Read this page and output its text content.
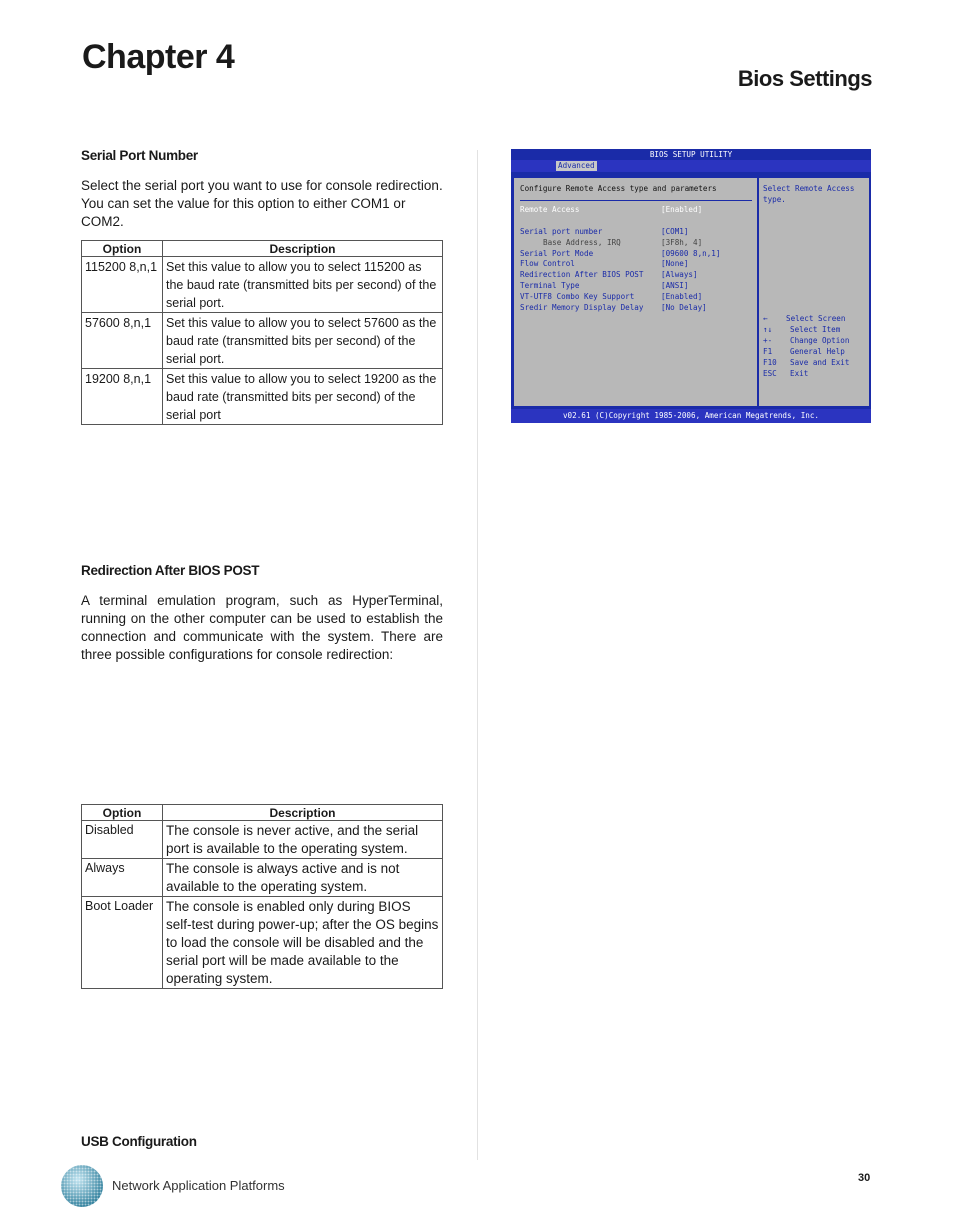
Chapter 4
Bios Settings
Serial Port Number
Select the serial port you want to use for console redirection. You can set the value for this option to either COM1 or COM2.
Option	Description
115200 8,n,1	Set this value to allow you to select 115200 as the baud rate (transmitted bits per second) of the serial port.
57600 8,n,1	Set this value to allow you to select 57600 as the baud rate (transmitted bits per second) of the serial port.
19200 8,n,1	Set this value to allow you to select 19200 as the baud rate (transmitted bits per second) of the serial port
Redirection After BIOS POST
A terminal emulation program, such as HyperTerminal, running on the other computer can be used to establish the connection and communicate with the system. There are three possible configurations for console redirection:
Option	Description
Disabled	The console is never active, and the serial port is available to the operating system.
Always	The console is always active and is not available to the operating system.
Boot Loader	The console is enabled only during BIOS self-test during power-up; after the OS begins to load the console will be disabled and the serial port will be made available to the operating system.
USB Configuration
BIOS SETUP UTILITY
Advanced
Configure Remote Access type and parameters
Remote Access	[Enabled]
Serial port number	[COM1]
Base Address, IRQ	[3F8h, 4]
Serial Port Mode	[09600 8,n,1]
Flow Control	[None]
Redirection After BIOS POST [Always]
Terminal Type	[ANSI]
VT-UTF8 Combo Key Support	[Enabled]
Sredir Memory Display Delay [No Delay]
Select Remote Access
type.
← Select Screen
↑↓ Select Item
+- Change Option
F1 General Help
F10 Save and Exit
ESC Exit
v02.61 (C)Copyright 1985-2006, American Megatrends, Inc.
Network Application Platforms	30
